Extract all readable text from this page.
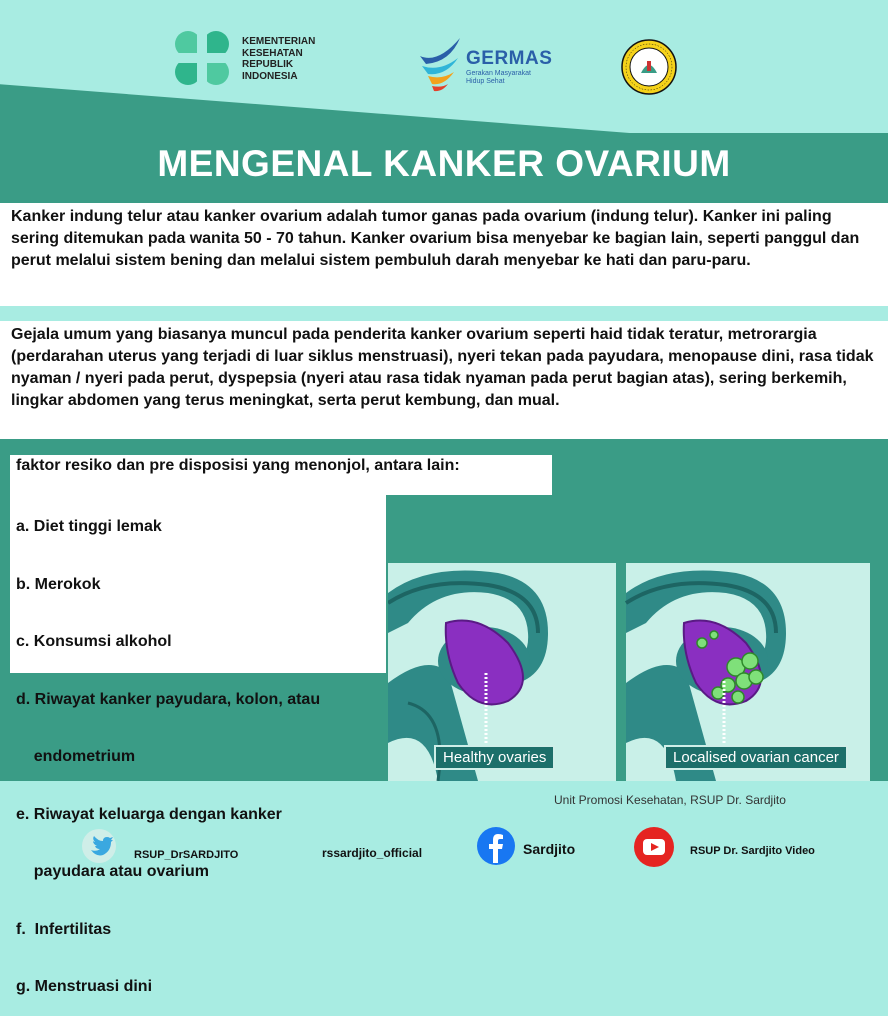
KEMENTERIAN
KESEHATAN
REPUBLIK
INDONESIA
GERMAS
Gerakan Masyarakat
Hidup Sehat
MENGENAL KANKER OVARIUM
Kanker indung telur atau kanker ovarium adalah tumor ganas pada ovarium (indung telur). Kanker ini paling sering ditemukan pada wanita 50 - 70 tahun. Kanker ovarium bisa menyebar ke bagian lain, seperti panggul dan perut melalui sistem bening dan melalui sistem pembuluh darah menyebar ke hati dan paru-paru.
Gejala umum yang biasanya muncul pada penderita kanker ovarium seperti haid tidak teratur, metrorargia (perdarahan uterus yang terjadi di luar siklus menstruasi), nyeri tekan pada payudara, menopause dini, rasa tidak nyaman / nyeri pada perut, dyspepsia (nyeri atau rasa tidak nyaman pada perut bagian atas), sering berkemih, lingkar abdomen yang terus meningkat, serta perut kembung, dan mual.
faktor resiko dan pre disposisi yang menonjol, antara lain:

a. Diet tinggi lemak

b. Merokok

c. Konsumsi alkohol

d. Riwayat kanker payudara, kolon, atau

endometrium

e. Riwayat keluarga dengan kanker

payudara atau ovarium

f.  Infertilitas

g. Menstruasi dini

Healthy ovaries	Localised ovarian cancer
Unit Promosi Kesehatan, RSUP Dr. Sardjito
RSUP_DrSARDJITO	rssardjito_official	Sardjito	RSUP Dr. Sardjito Video
